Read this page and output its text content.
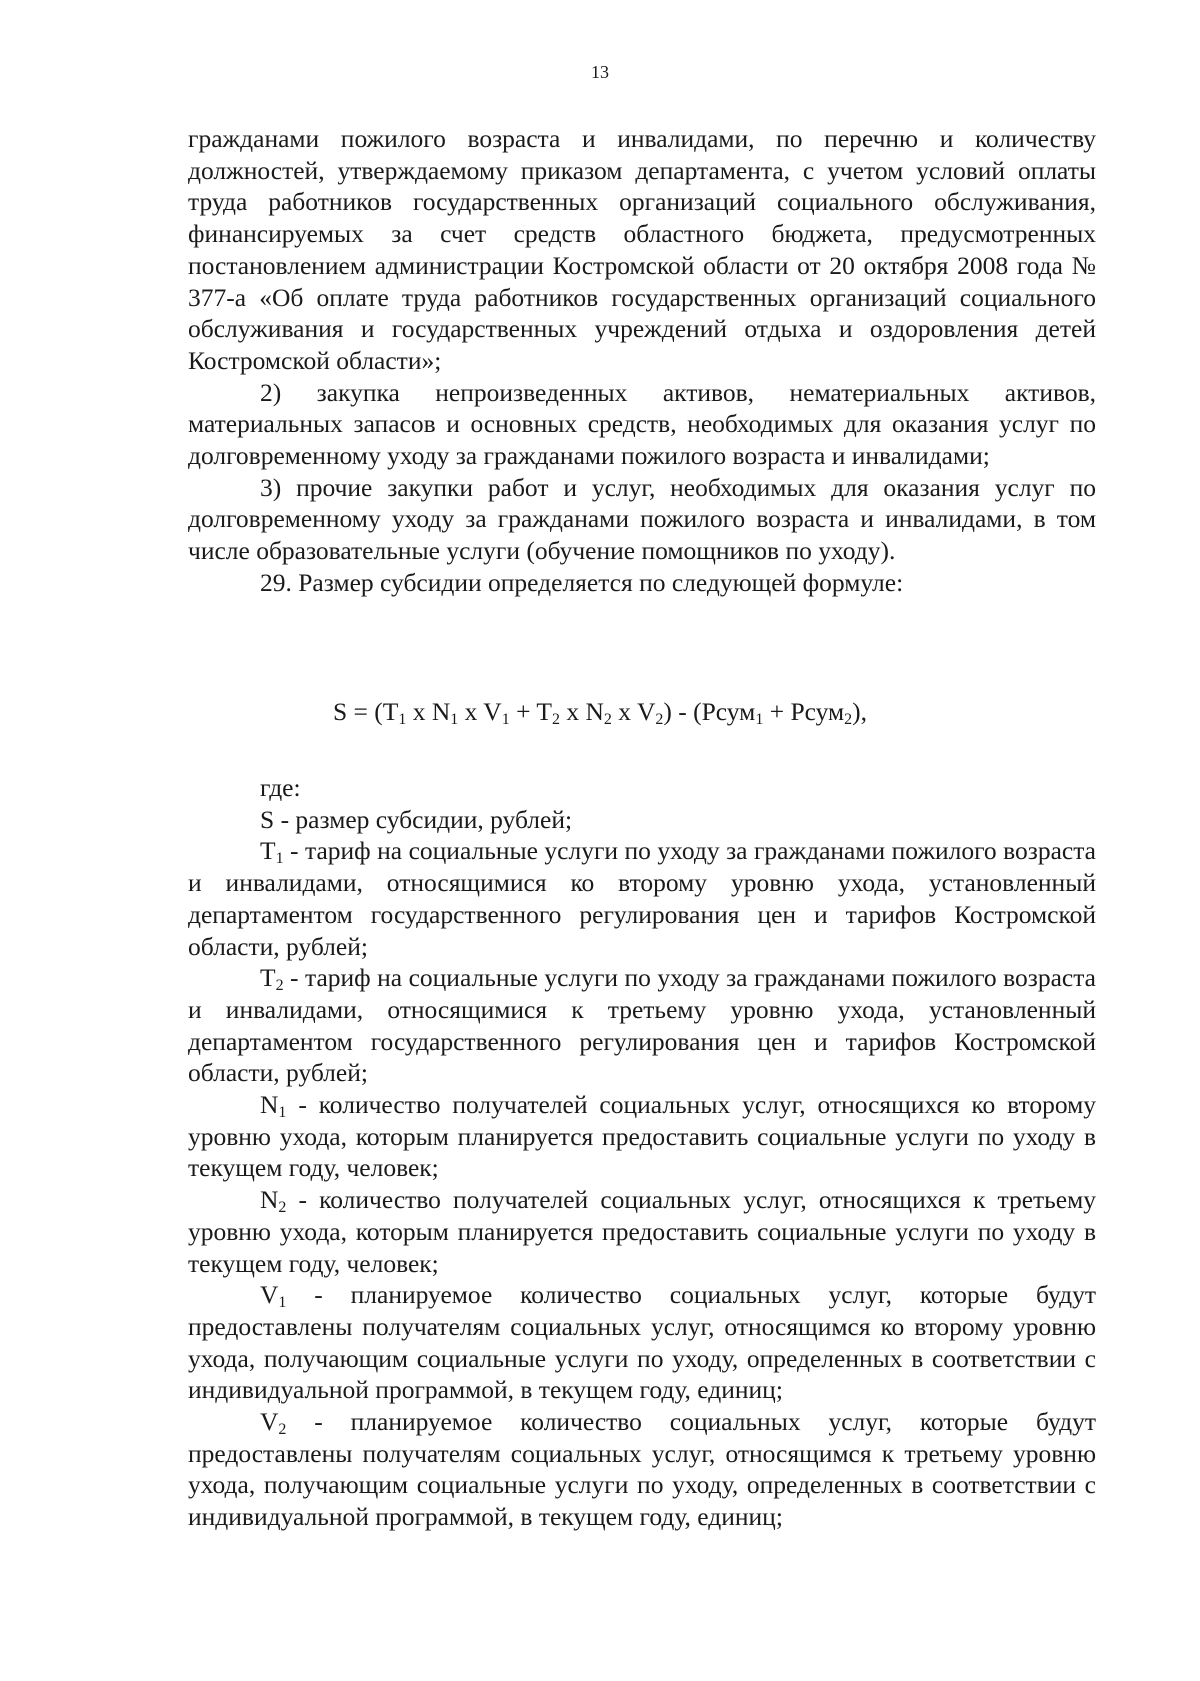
13

гражданами пожилого возраста и инвалидами, по перечню и количеству должностей, утверждаемому приказом департамента, с учетом условий оплаты труда работников государственных организаций социального обслуживания, финансируемых за счет средств областного бюджета, предусмотренных постановлением администрации Костромской области от 20 октября 2008 года № 377-а «Об оплате труда работников государственных организаций социального обслуживания и государственных учреждений отдыха и оздоровления детей Костромской области»;

2) закупка непроизведенных активов, нематериальных активов, материальных запасов и основных средств, необходимых для оказания услуг по долговременному уходу за гражданами пожилого возраста и инвалидами;

3) прочие закупки работ и услуг, необходимых для оказания услуг по долговременному уходу за гражданами пожилого возраста и инвалидами, в том числе образовательные услуги (обучение помощников по уходу).

29. Размер субсидии определяется по следующей формуле:

$S = (T_1$ x $N_1$ x $V_1 + T_2$ x $N_2$ x $V_2$) - (Рсум$_1$ + Рсум$_2$),

где:

S - размер субсидии, рублей;

$T_1$ - тариф на социальные услуги по уходу за гражданами пожилого возраста и инвалидами, относящимися ко второму уровню ухода, установленный департаментом государственного регулирования цен и тарифов Костромской области, рублей;

$T_2$ - тариф на социальные услуги по уходу за гражданами пожилого возраста и инвалидами, относящимися к третьему уровню ухода, установленный департаментом государственного регулирования цен и тарифов Костромской области, рублей;

$N_1$ - количество получателей социальных услуг, относящихся ко второму уровню ухода, которым планируется предоставить социальные услуги по уходу в текущем году, человек;

$N_2$ - количество получателей социальных услуг, относящихся к третьему уровню ухода, которым планируется предоставить социальные услуги по уходу в текущем году, человек;

$V_1$ - планируемое количество социальных услуг, которые будут предоставлены получателям социальных услуг, относящимся ко второму уровню ухода, получающим социальные услуги по уходу, определенных в соответствии с индивидуальной программой, в текущем году, единиц;

$V_2$ - планируемое количество социальных услуг, которые будут предоставлены получателям социальных услуг, относящимся к третьему уровню ухода, получающим социальные услуги по уходу, определенных в соответствии с индивидуальной программой, в текущем году, единиц;
